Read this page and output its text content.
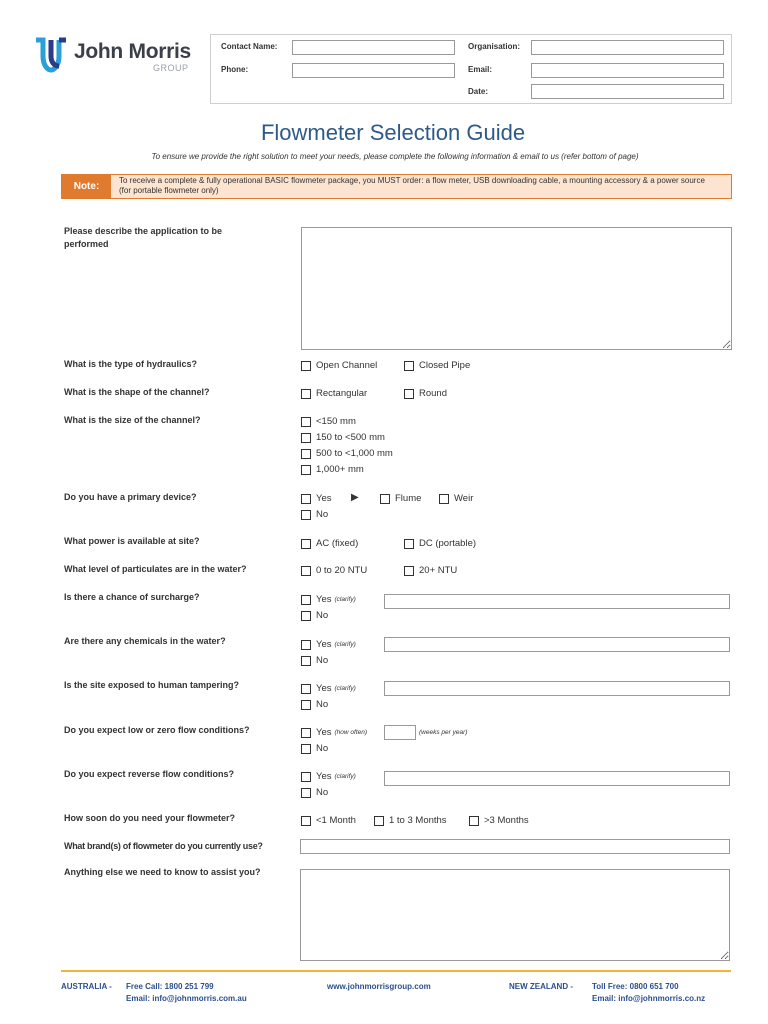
John Morris
GROUP
Contact Name:
Phone:
Organisation:
Email:
Date:
Flowmeter Selection Guide
To ensure we provide the right solution to meet your needs, please complete the following information & email to us (refer bottom of page)
Note:
To receive a complete & fully operational BASIC flowmeter package, you MUST order: a flow meter, USB downloading cable, a mounting accessory & a power source (for portable flowmeter only)
Please describe the application to be performed
What is the type of hydraulics?	Open Channel	Closed Pipe
What is the shape of the channel?	Rectangular	Round
What is the size of the channel?	<150 mm
150 to <500 mm
500 to <1,000 mm
1,000+ mm
Do you have a primary device?	Yes ▶	Flume	Weir
No
What power is available at site?	AC (fixed)	DC (portable)
What level of particulates are in the water?	0 to 20 NTU	20+ NTU
Is there a chance of surcharge?	Yes (clarify)
No
Are there any chemicals in the water?	Yes (clarify)
No
Is the site exposed to human tampering?	Yes (clarify)
No
Do you expect low or zero flow conditions?	Yes (how often)	(weeks per year)
No
Do you expect reverse flow conditions?	Yes (clarify)
No
How soon do you need your flowmeter?	<1 Month	1 to 3 Months	>3 Months
What brand(s) of flowmeter do you currently use?
Anything else we need to know to assist you?
AUSTRALIA - Free Call: 1800 251 799
Email: info@johnmorris.com.au
www.johnmorrisgroup.com	NEW ZEALAND - Toll Free: 0800 651 700
Email: info@johnmorris.co.nz
